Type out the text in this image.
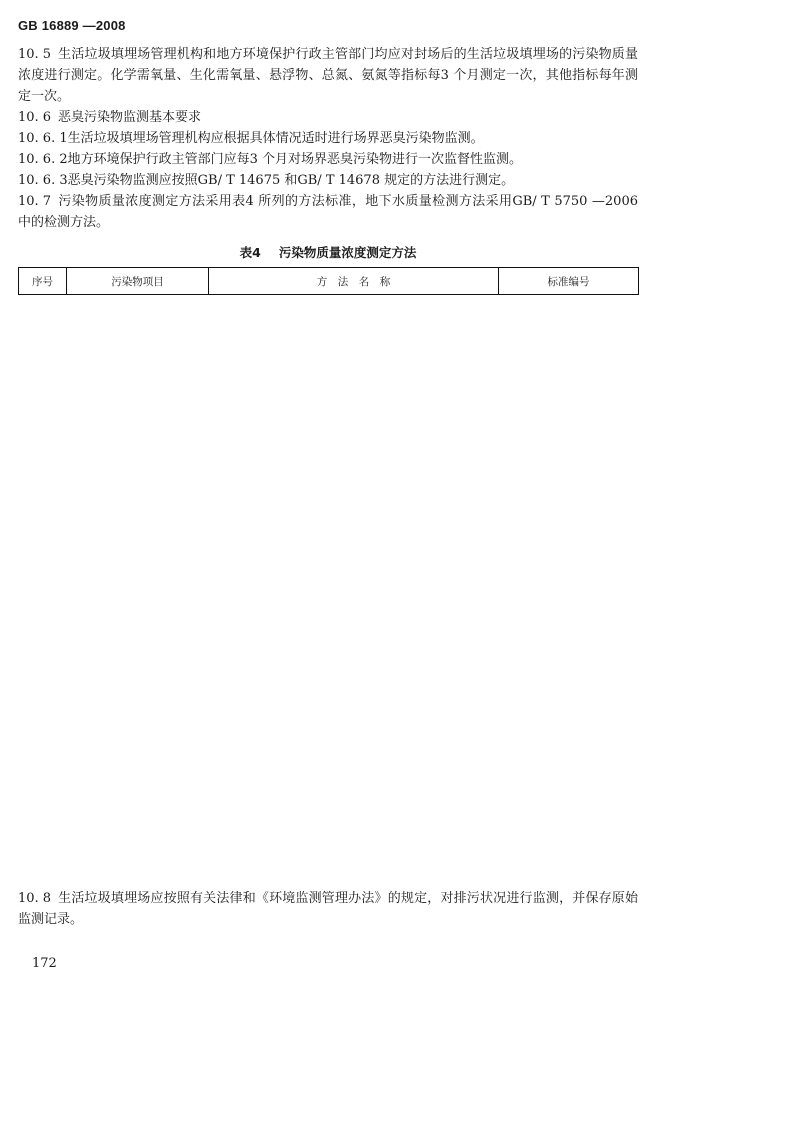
GB 16889 —2008

10. 5 生活垃圾填埋场管理机构和地方环境保护行政主管部门均应对封场后的生活垃圾填埋场的污染物质量浓度进行测定。化学需氧量、生化需氧量、悬浮物、总氮、氨氮等指标每3 个月测定一次，其他指标每年测定一次。

10. 6 恶臭污染物监测基本要求

10. 6. 1生活垃圾填埋场管理机构应根据具体情况适时进行场界恶臭污染物监测。

10. 6. 2地方环境保护行政主管部门应每3 个月对场界恶臭污染物进行一次监督性监测。

10. 6. 3恶臭污染物监测应按照GB/ T 14675 和GB/ T 14678 规定的方法进行测定。

10. 7 污染物质量浓度测定方法采用表4 所列的方法标准，地下水质量检测方法采用GB/ T 5750 —2006 中的检测方法。

表4 污染物质量浓度测定方法
序号	污染物项目	方　法　名　称	标准编号

10. 8 生活垃圾填埋场应按照有关法律和《环境监测管理办法》的规定，对排污状况进行监测，并保存原始监测记录。

172
